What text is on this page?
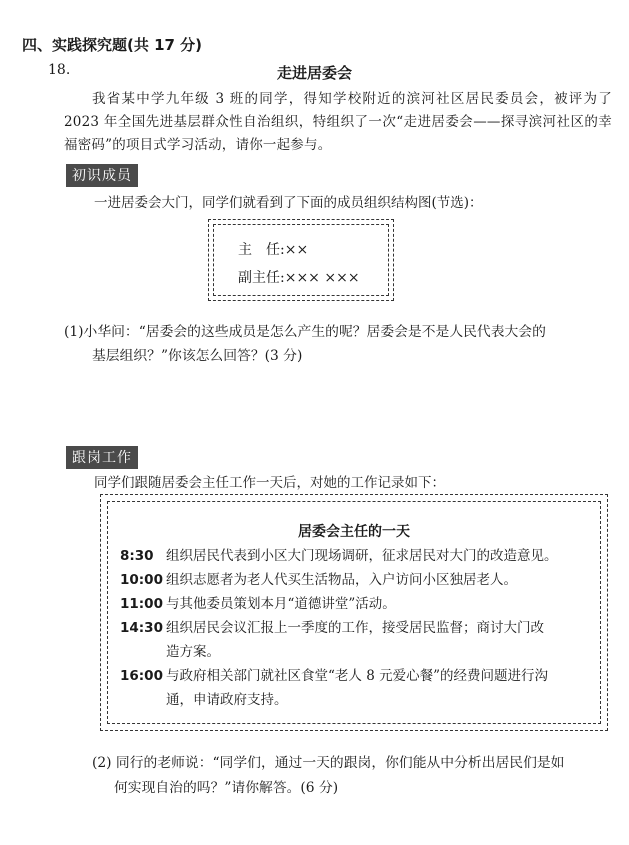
四、实践探究题(共 17 分)
18.	走进居委会
我省某中学九年级 3 班的同学，得知学校附近的滨河社区居民委员会，被评为了 2023 年全国先进基层群众性自治组织，特组织了一次“走进居委会——探寻滨河社区的幸福密码”的项目式学习活动，请你一起参与。
初识成员
一进居委会大门，同学们就看到了下面的成员组织结构图(节选)：
主　任:××
副主任:××× ×××
(1)小华问：“居委会的这些成员是怎么产生的呢？居委会是不是人民代表大会的
基层组织？”你该怎么回答？(3 分)
跟岗工作
同学们跟随居委会主任工作一天后，对她的工作记录如下：
居委会主任的一天
8:30 组织居民代表到小区大门现场调研，征求居民对大门的改造意见。
10:00 组织志愿者为老人代买生活物品，入户访问小区独居老人。
11:00 与其他委员策划本月“道德讲堂”活动。
14:30 组织居民会议汇报上一季度的工作，接受居民监督；商讨大门改
造方案。
16:00 与政府相关部门就社区食堂“老人 8 元爱心餐”的经费问题进行沟
通，申请政府支持。
(2) 同行的老师说：“同学们，通过一天的跟岗，你们能从中分析出居民们是如
何实现自治的吗？”请你解答。(6 分)
